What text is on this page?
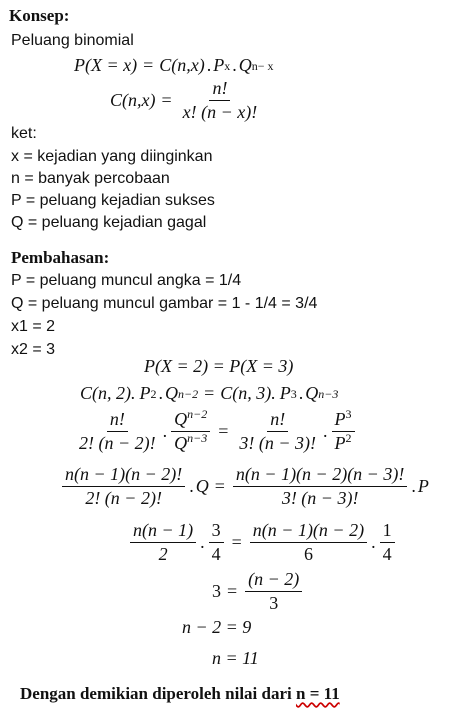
Konsep:
Peluang binomial
P(X = x) = C(n,x) . P x . Q n− x
$C(n,x) = \frac{n!}{x! (n - x)!}$
ket:
x = kejadian yang diinginkan
n = banyak percobaan
P = peluang kejadian sukses
Q = peluang kejadian gagal
Pembahasan:
P = peluang muncul angka = 1/4
Q = peluang muncul gambar = 1 - 1/4 = 3/4
x1 = 2
x2 = 3
P(X = 2) = P(X = 3)
C(n, 2). P 2 . Q n−2 = C(n, 3). P 3 . Q n−3
$\frac{n!}{2! (n - 2)!}$ . $\frac{Q^{n-2}}{Q^{n-3}} = \frac{n!}{3! (n - 3)!}$ . $\frac{P^3}{P^2}$
$\frac{n(n - 1)(n - 2)!}{2! (n - 2)!}$ . $Q = \frac{n(n - 1)(n - 2)(n - 3)!}{3! (n - 3)!}$ . P
$\frac{n(n - 1)}{2}$ . $\frac{3}{4} = \frac{n(n - 1)(n - 2)}{6}$ . $\frac{1}{4}$
$3 = \frac{(n - 2)}{3}$
n − 2 = 9
n = 11
Dengan demikian diperoleh nilai dari n = 11
